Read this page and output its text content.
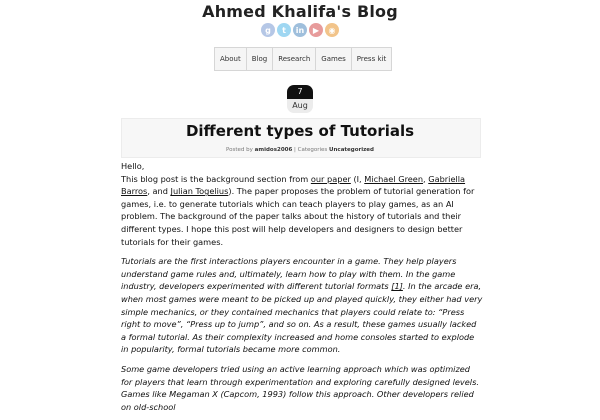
Ahmed Khalifa's Blog
g	t	in	▶	◉
About	Blog	Research	Games	Press kit
7
Aug
Different types of Tutorials
Posted by amidos2006 | Categories Uncategorized

Hello,

This blog post is the background section from our paper (I, Michael Green, Gabriella Barros, and Julian Togelius). The paper proposes the problem of tutorial generation for games, i.e. to generate tutorials which can teach players to play games, as an AI problem. The background of the paper talks about the history of tutorials and their different types. I hope this post will help developers and designers to design better tutorials for their games.

Tutorials are the first interactions players encounter in a game. They help players understand game rules and, ultimately, learn how to play with them. In the game industry, developers experimented with different tutorial formats [1]. In the arcade era, when most games were meant to be picked up and played quickly, they either had very simple mechanics, or they contained mechanics that players could relate to: “Press right to move”, “Press up to jump”, and so on. As a result, these games usually lacked a formal tutorial. As their complexity increased and home consoles started to explode in popularity, formal tutorials became more common.

Some game developers tried using an active learning approach which was optimized for players that learn through experimentation and exploring carefully designed levels. Games like Megaman X (Capcom, 1993) follow this approach. Other developers relied on old-school
